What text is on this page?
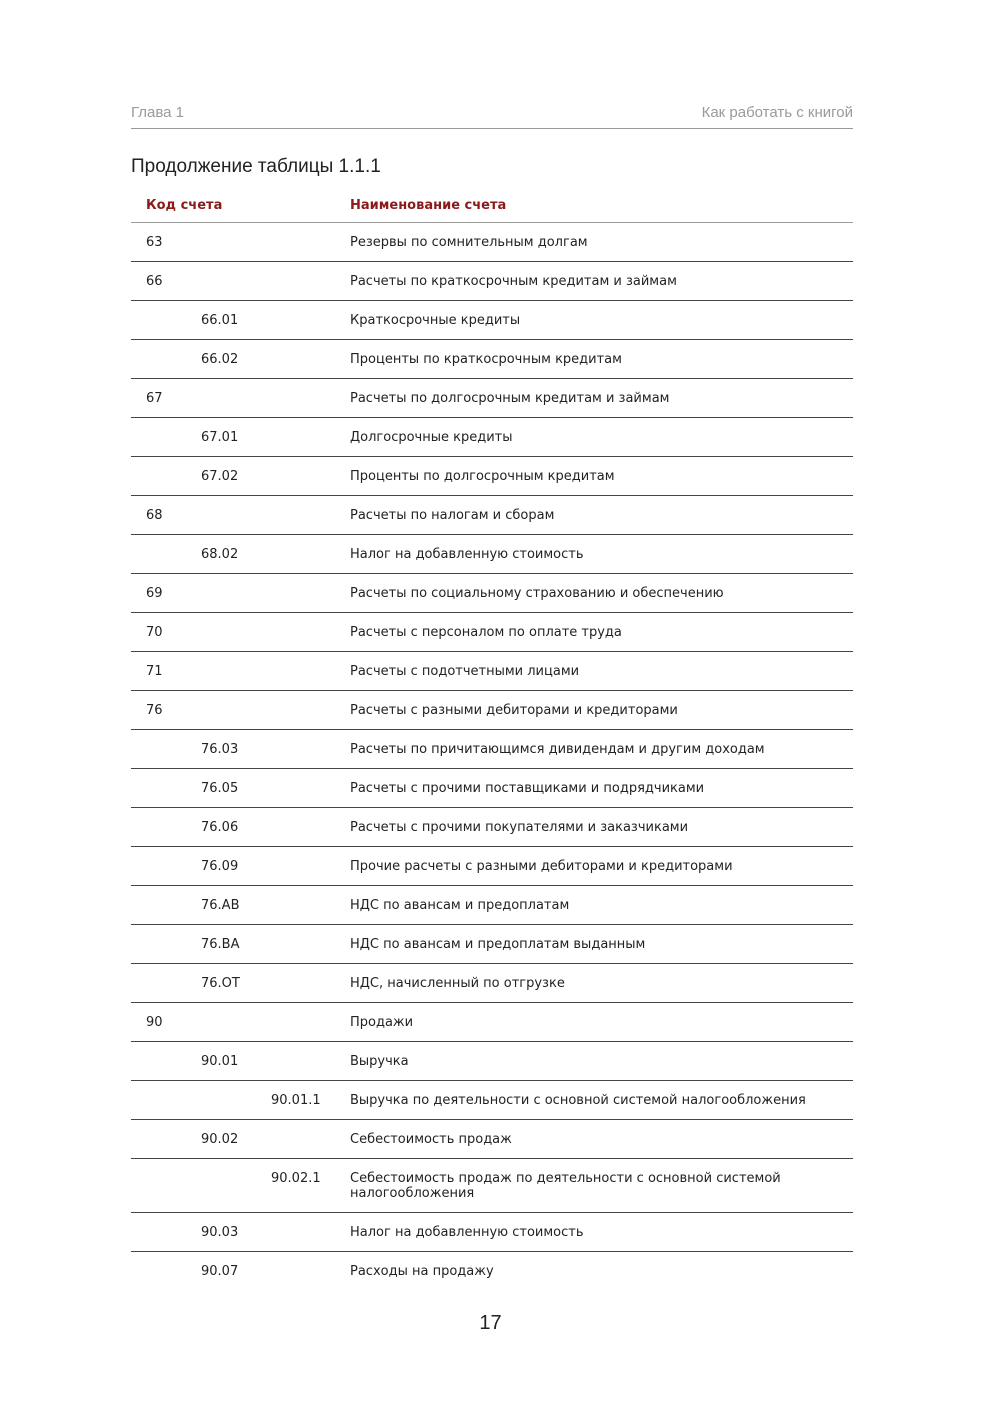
Глава 1	Как работать с книгой
Продолжение таблицы 1.1.1
Код счета	Наименование счета
63	Резервы по сомнительным долгам
66	Расчеты по краткосрочным кредитам и займам
66.01	Краткосрочные кредиты
66.02	Проценты по краткосрочным кредитам
67	Расчеты по долгосрочным кредитам и займам
67.01	Долгосрочные кредиты
67.02	Проценты по долгосрочным кредитам
68	Расчеты по налогам и сборам
68.02	Налог на добавленную стоимость
69	Расчеты по социальному страхованию и обеспечению
70	Расчеты с персоналом по оплате труда
71	Расчеты с подотчетными лицами
76	Расчеты с разными дебиторами и кредиторами
76.03	Расчеты по причитающимся дивидендам и другим доходам
76.05	Расчеты с прочими поставщиками и подрядчиками
76.06	Расчеты с прочими покупателями и заказчиками
76.09	Прочие расчеты с разными дебиторами и кредиторами
76.АВ	НДС по авансам и предоплатам
76.ВА	НДС по авансам и предоплатам выданным
76.ОТ	НДС, начисленный по отгрузке
90	Продажи
90.01	Выручка
90.01.1 Выручка по деятельности с основной системой налогообложения
90.02	Себестоимость продаж
90.02.1 Себестоимость продаж по деятельности с основной системой налогообложения
90.03	Налог на добавленную стоимость
90.07	Расходы на продажу
17
